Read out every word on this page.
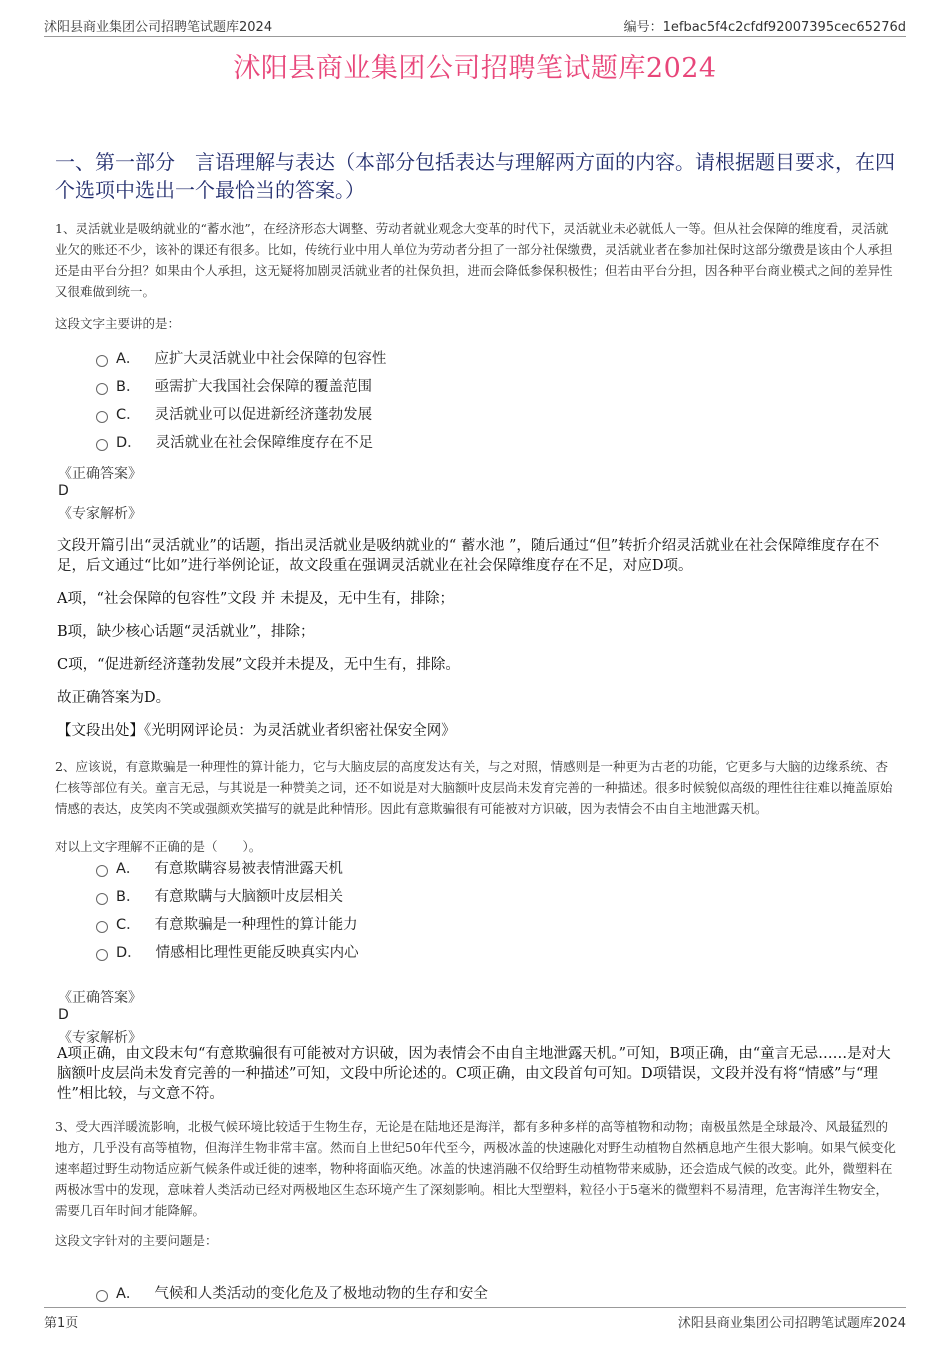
沭阳县商业集团公司招聘笔试题库2024	编号：1efbac5f4c2cfdf92007395cec65276d
沭阳县商业集团公司招聘笔试题库2024
一、第一部分　言语理解与表达（本部分包括表达与理解两方面的内容。请根据题目要求，在四个选项中选出一个最恰当的答案。）
1、灵活就业是吸纳就业的“蓄水池”，在经济形态大调整、劳动者就业观念大变革的时代下，灵活就业未必就低人一等。但从社会保障的维度看，灵活就业欠的账还不少，该补的课还有很多。比如，传统行业中用人单位为劳动者分担了一部分社保缴费，灵活就业者在参加社保时这部分缴费是该由个人承担还是由平台分担？如果由个人承担，这无疑将加剧灵活就业者的社保负担，进而会降低参保积极性；但若由平台分担，因各种平台商业模式之间的差异性又很难做到统一。
这段文字主要讲的是：
A． 应扩大灵活就业中社会保障的包容性
B． 亟需扩大我国社会保障的覆盖范围
C． 灵活就业可以促进新经济蓬勃发展
D． 灵活就业在社会保障维度存在不足
《正确答案》
D
《专家解析》
文段开篇引出“灵活就业”的话题，指出灵活就业是吸纳就业的“ 蓄水池 ”，随后通过“但”转折介绍灵活就业在社会保障维度存在不足，后文通过“比如”进行举例论证，故文段重在强调灵活就业在社会保障维度存在不足，对应D项。
A项，“社会保障的包容性”文段 并 未提及，无中生有，排除；
B项，缺少核心话题“灵活就业”，排除；
C项，“促进新经济蓬勃发展”文段并未提及，无中生有，排除。
故正确答案为D。
【文段出处】《光明网评论员：为灵活就业者织密社保安全网》
2、应该说，有意欺骗是一种理性的算计能力，它与大脑皮层的高度发达有关，与之对照，情感则是一种更为古老的功能，它更多与大脑的边缘系统、杏仁核等部位有关。童言无忌，与其说是一种赞美之词，还不如说是对大脑额叶皮层尚未发育完善的一种描述。很多时候貌似高级的理性往往难以掩盖原始情感的表达，皮笑肉不笑或强颜欢笑描写的就是此种情形。因此有意欺骗很有可能被对方识破，因为表情会不由自主地泄露天机。
对以上文字理解不正确的是（　　）。
A． 有意欺瞒容易被表情泄露天机
B． 有意欺瞒与大脑额叶皮层相关
C． 有意欺骗是一种理性的算计能力
D． 情感相比理性更能反映真实内心
《正确答案》
D
《专家解析》
A项正确，由文段末句“有意欺骗很有可能被对方识破，因为表情会不由自主地泄露天机。”可知，B项正确，由“童言无忌……是对大脑额叶皮层尚未发育完善的一种描述”可知，文段中所论述的。C项正确，由文段首句可知。D项错误，文段并没有将“情感”与“理性”相比较，与文意不符。
3、受大西洋暖流影响，北极气候环境比较适于生物生存，无论是在陆地还是海洋，都有多种多样的高等植物和动物；南极虽然是全球最冷、风最猛烈的地方，几乎没有高等植物，但海洋生物非常丰富。然而自上世纪50年代至今，两极冰盖的快速融化对野生动植物自然栖息地产生很大影响。如果气候变化速率超过野生动物适应新气候条件或迁徙的速率，物种将面临灭绝。冰盖的快速消融不仅给野生动植物带来威胁，还会造成气候的改变。此外，微塑料在两极冰雪中的发现，意味着人类活动已经对两极地区生态环境产生了深刻影响。相比大型塑料，粒径小于5毫米的微塑料不易清理，危害海洋生物安全，需要几百年时间才能降解。
这段文字针对的主要问题是：
A． 气候和人类活动的变化危及了极地动物的生存和安全
第1页	沭阳县商业集团公司招聘笔试题库2024
